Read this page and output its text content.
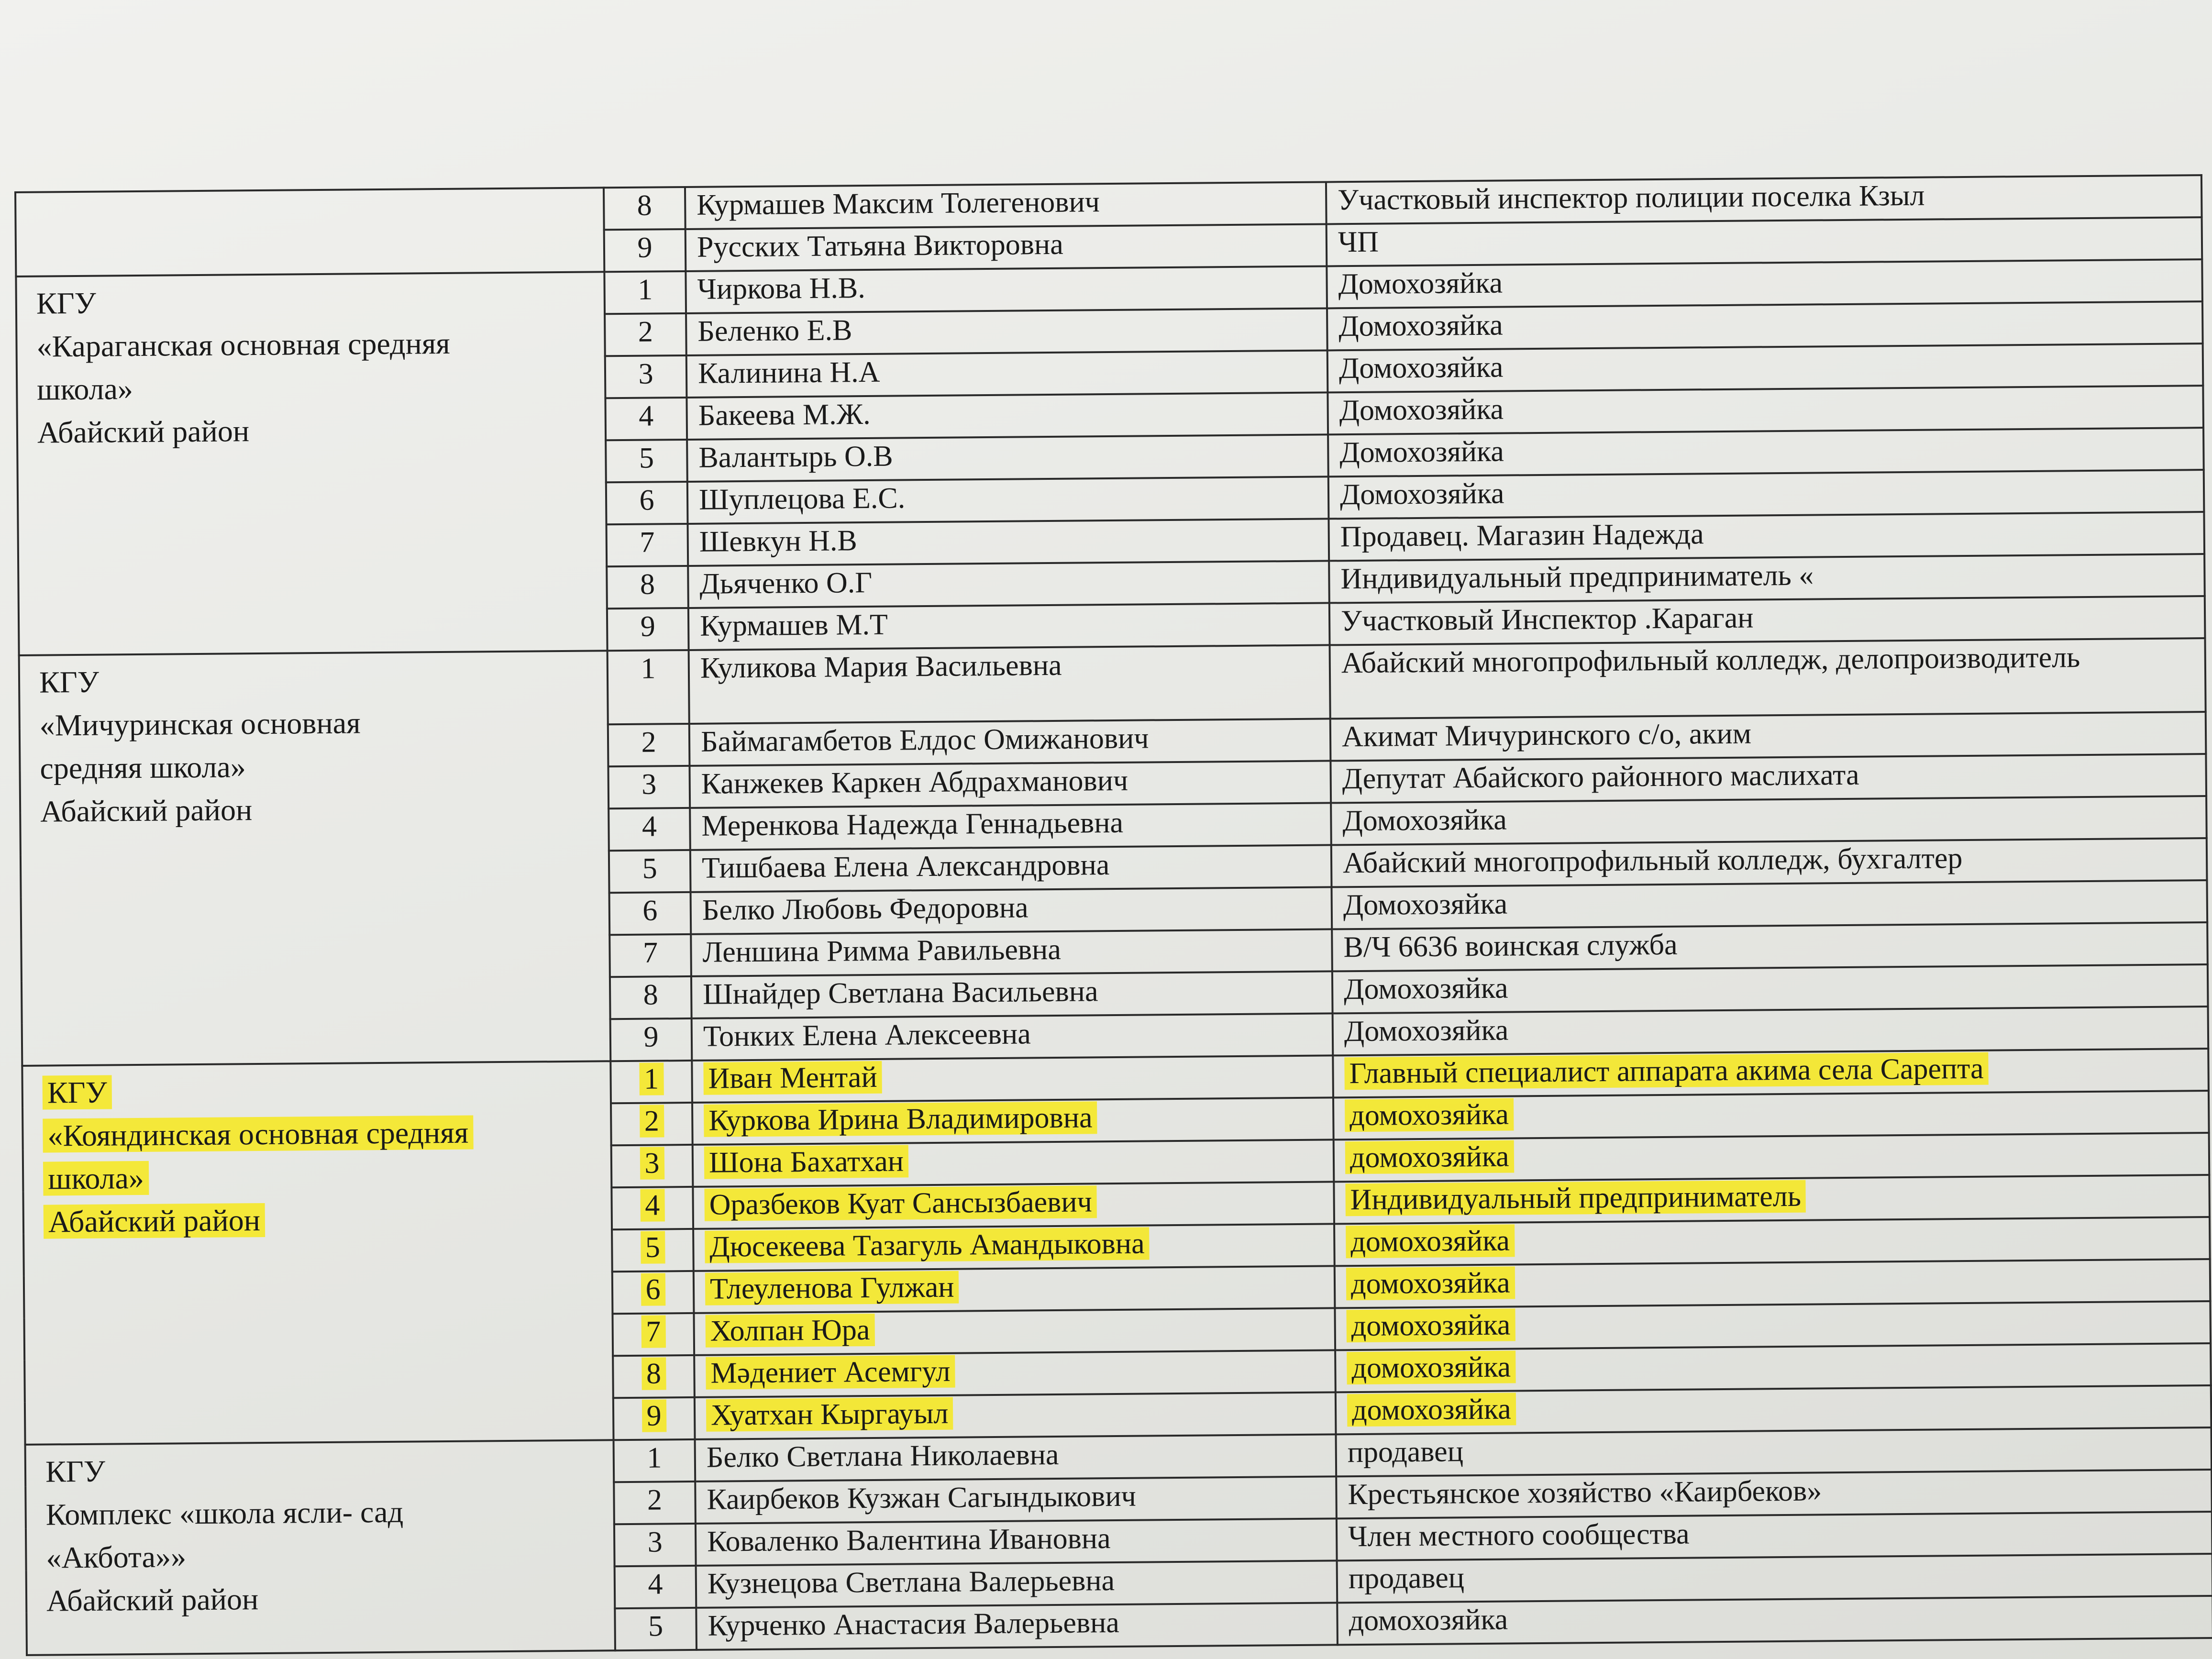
	8	Курмашев Максим Толегенович	Участковый инспектор полиции поселка Кзыл
	9	Русских Татьяна Викторовна	ЧП

КГУ
«Караганская основная средняя
школа»
Абайский район	1	Чиркова Н.В.	Домохозяйка
	2	Беленко Е.В	Домохозяйка
	3	Калинина Н.А	Домохозяйка
	4	Бакеева М.Ж.	Домохозяйка
	5	Валантырь О.В	Домохозяйка
	6	Шуплецова Е.С.	Домохозяйка
	7	Шевкун Н.В	Продавец. Магазин Надежда
	8	Дьяченко О.Г	Индивидуальный предприниматель «
	9	Курмашев М.Т	Участковый Инспектор .Караган

КГУ
«Мичуринская основная
средняя школа»
Абайский район	1	Куликова Мария Васильевна	Абайский многопрофильный колледж, делопроизводитель
	2	Баймагамбетов Елдос Омижанович	Акимат Мичуринского с/о, аким
	3	Канжекев Каркен Абдрахманович	Депутат Абайского районного маслихата
	4	Меренкова Надежда Геннадьевна	Домохозяйка
	5	Тишбаева Елена Александровна	Абайский многопрофильный колледж, бухгалтер
	6	Белко Любовь Федоровна	Домохозяйка
	7	Леншина Римма Равильевна	В/Ч 6636 воинская служба
	8	Шнайдер Светлана Васильевна	Домохозяйка
	9	Тонких Елена Алексеевна	Домохозяйка

КГУ
«Кояндинская основная средняя
школа»
Абайский район	1	Иван Ментай	Главный специалист аппарата акима села Сарепта
	2	Куркова Ирина Владимировна	домохозяйка
	3	Шона Бахатхан	домохозяйка
	4	Оразбеков Куат Сансызбаевич	Индивидуальный предприниматель
	5	Дюсекеева Тазагуль Амандыковна	домохозяйка
	6	Тлеуленова Гулжан	домохозяйка
	7	Холпан Юра	домохозяйка
	8	Мәдениет Асемгул	домохозяйка
	9	Хуатхан Кыргауыл	домохозяйка

КГУ
Комплекс «школа ясли- сад
«Акбота»»
Абайский район	1	Белко Светлана Николаевна	продавец
	2	Каирбеков Кузжан Сагындыкович	Крестьянское хозяйство «Каирбеков»
	3	Коваленко Валентина Ивановна	Член местного сообщества
	4	Кузнецова Светлана Валерьевна	продавец
	5	Курченко Анастасия Валерьевна	домохозяйка
